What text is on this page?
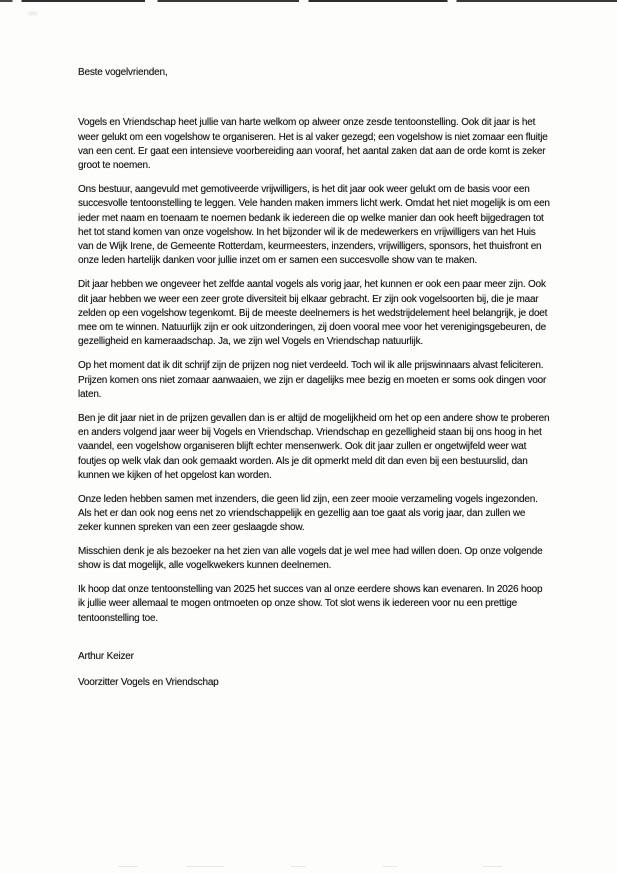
Beste vogelvrienden,

Vogels en Vriendschap heet jullie van harte welkom op alweer onze zesde tentoonstelling. Ook dit jaar is het weer gelukt om een vogelshow te organiseren. Het is al vaker gezegd; een vogelshow is niet zomaar een fluitje van een cent. Er gaat een intensieve voorbereiding aan vooraf, het aantal zaken dat aan de orde komt is zeker groot te noemen.

Ons bestuur, aangevuld met gemotiveerde vrijwilligers, is het dit jaar ook weer gelukt om de basis voor een succesvolle tentoonstelling te leggen. Vele handen maken immers licht werk. Omdat het niet mogelijk is om een ieder met naam en toenaam te noemen bedank ik iedereen die op welke manier dan ook heeft bijgedragen tot het tot stand komen van onze vogelshow. In het bijzonder wil ik de medewerkers en vrijwilligers van het Huis van de Wijk Irene, de Gemeente Rotterdam, keurmeesters, inzenders, vrijwilligers, sponsors, het thuisfront en onze leden hartelijk danken voor jullie inzet om er samen een succesvolle show van te maken.

Dit jaar hebben we ongeveer het zelfde aantal vogels als vorig jaar, het kunnen er ook een paar meer zijn. Ook dit jaar hebben we weer een zeer grote diversiteit bij elkaar gebracht. Er zijn ook vogelsoorten bij, die je maar zelden op een vogelshow tegenkomt. Bij de meeste deelnemers is het wedstrijdelement heel belangrijk, je doet mee om te winnen. Natuurlijk zijn er ook uitzonderingen, zij doen vooral mee voor het verenigingsgebeuren, de gezelligheid en kameraadschap. Ja, we zijn wel Vogels en Vriendschap natuurlijk.

Op het moment dat ik dit schrijf zijn de prijzen nog niet verdeeld. Toch wil ik alle prijswinnaars alvast feliciteren. Prijzen komen ons niet zomaar aanwaaien, we zijn er dagelijks mee bezig en moeten er soms ook dingen voor laten.

Ben je dit jaar niet in de prijzen gevallen dan is er altijd de mogelijkheid om het op een andere show te proberen en anders volgend jaar weer bij Vogels en Vriendschap. Vriendschap en gezelligheid staan bij ons hoog in het vaandel, een vogelshow organiseren blijft echter mensenwerk. Ook dit jaar zullen er ongetwijfeld weer wat foutjes op welk vlak dan ook gemaakt worden. Als je dit opmerkt meld dit dan even bij een bestuurslid, dan kunnen we kijken of het opgelost kan worden.

Onze leden hebben samen met inzenders, die geen lid zijn, een zeer mooie verzameling vogels ingezonden. Als het er dan ook nog eens net zo vriendschappelijk en gezellig aan toe gaat als vorig jaar, dan zullen we zeker kunnen spreken van een zeer geslaagde show.

Misschien denk je als bezoeker na het zien van alle vogels dat je wel mee had willen doen. Op onze volgende show is dat mogelijk, alle vogelkwekers kunnen deelnemen.

Ik hoop dat onze tentoonstelling van 2025 het succes van al onze eerdere shows kan evenaren. In 2026 hoop ik jullie weer allemaal te mogen ontmoeten op onze show. Tot slot wens ik iedereen voor nu een prettige tentoonstelling toe.

Arthur Keizer

Voorzitter Vogels en Vriendschap
